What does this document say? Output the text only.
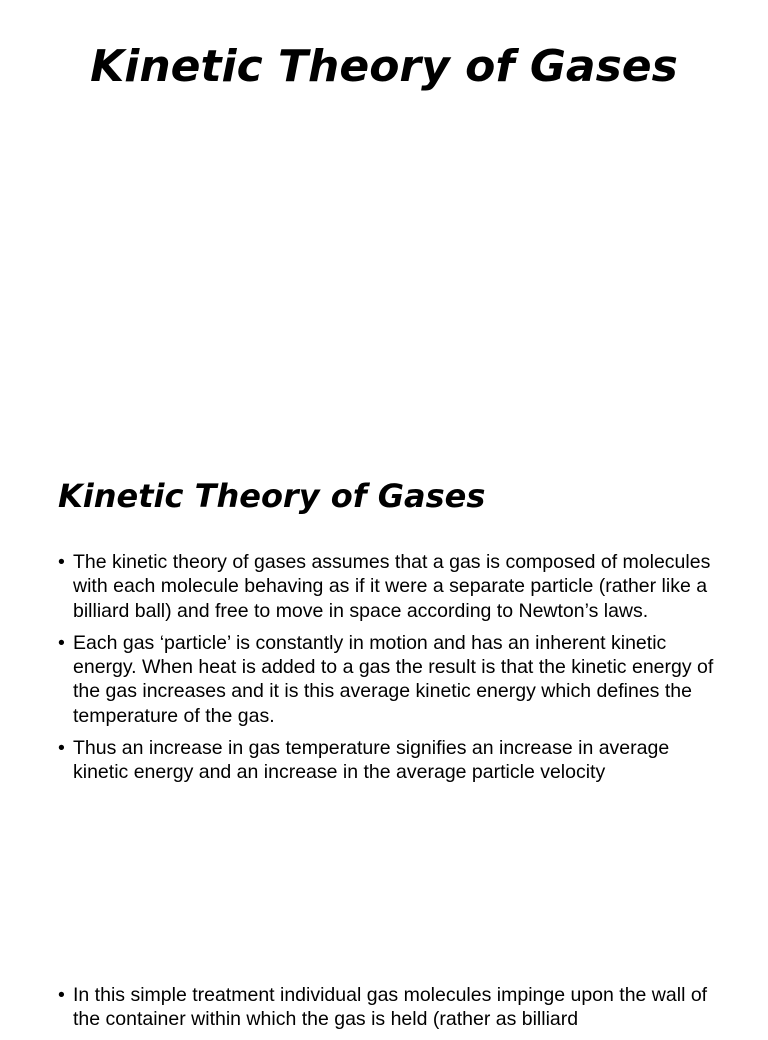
Kinetic Theory of Gases
Kinetic Theory of Gases
• The kinetic theory of gases assumes that a gas is composed of molecules with each molecule behaving as if it were a separate particle (rather like a billiard ball) and free to move in space according to Newton’s laws.
• Each gas ‘particle’ is constantly in motion and has an inherent kinetic energy. When heat is added to a gas the result is that the kinetic energy of the gas increases and it is this average kinetic energy which defines the temperature of the gas.
• Thus an increase in gas temperature signifies an increase in average kinetic energy and an increase in the average particle velocity
• In this simple treatment individual gas molecules impinge upon the wall of the container within which the gas is held (rather as billiard
